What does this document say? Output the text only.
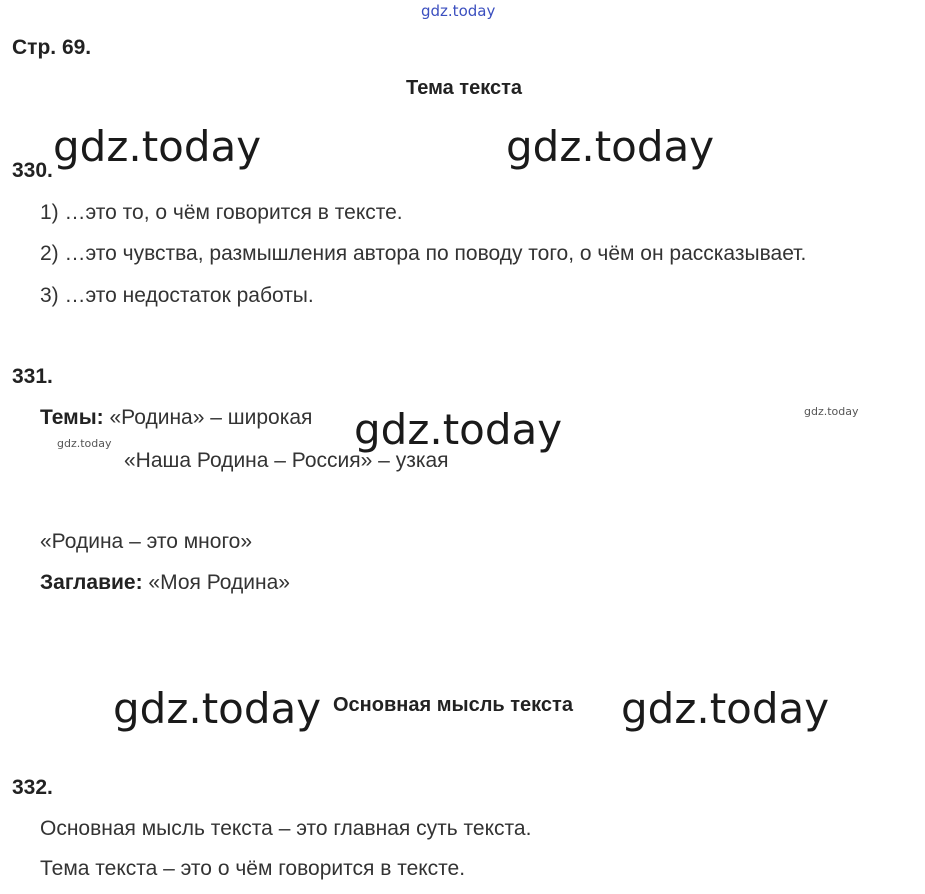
gdz.today
Стр. 69.
Тема текста
gdz.today	gdz.today
330.
1) …это то, о чём говорится в тексте.
2) …это чувства, размышления автора по поводу того, о чём он рассказывает.
3) …это недостаток работы.
331.
Темы: «Родина» – широкая gdz.today	gdz.today
gdz.today
«Наша Родина – Россия» – узкая
«Родина – это много»
Заглавие: «Моя Родина»
gdz.today Основная мысль текста gdz.today
332.
Основная мысль текста – это главная суть текста.
Тема текста – это о чём говорится в тексте.
